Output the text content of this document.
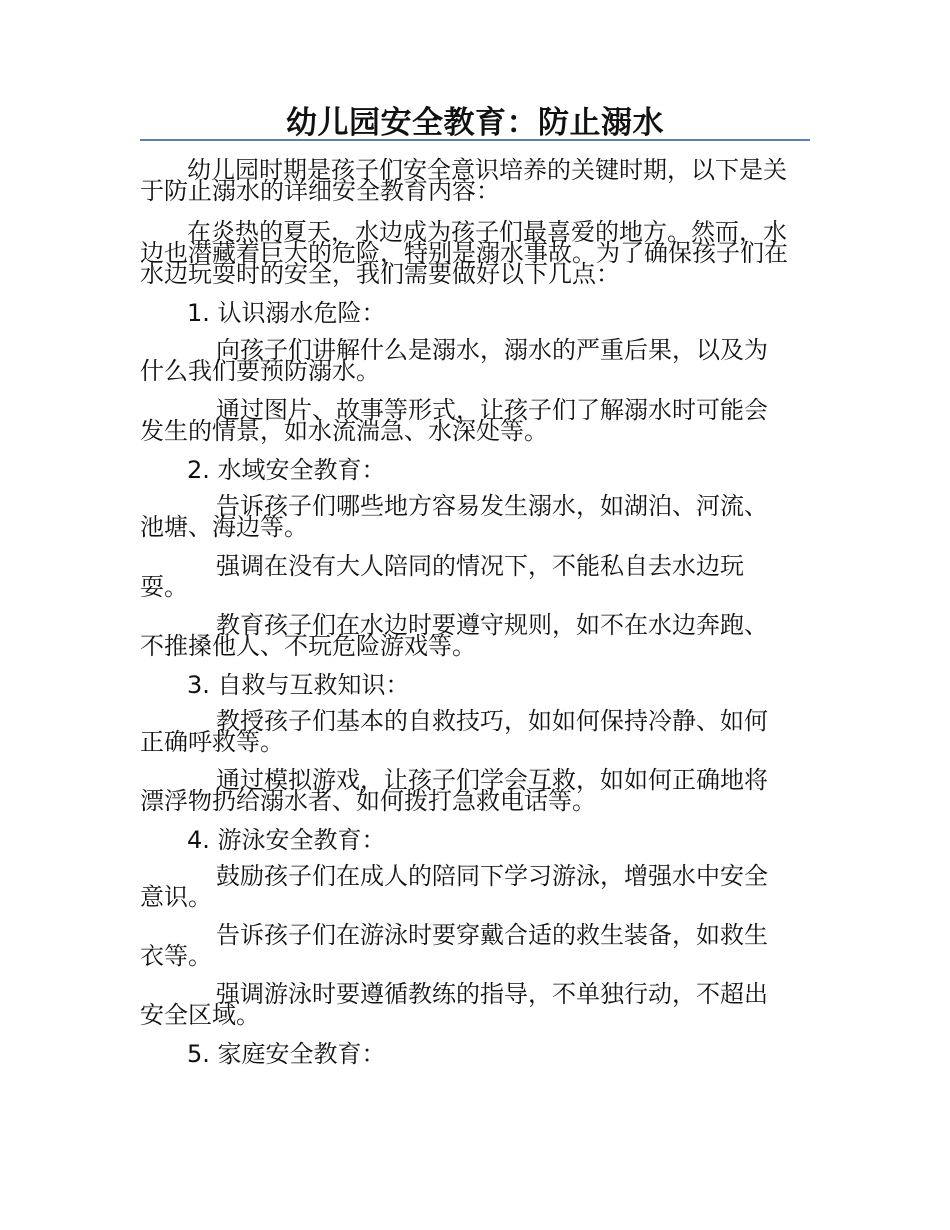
幼儿园安全教育：防止溺水
幼儿园时期是孩子们安全意识培养的关键时期，以下是关
于防止溺水的详细安全教育内容：
在炎热的夏天，水边成为孩子们最喜爱的地方。然而，水
边也潜藏着巨大的危险，特别是溺水事故。为了确保孩子们在
水边玩耍时的安全，我们需要做好以下几点：
1. 认识溺水危险：
向孩子们讲解什么是溺水，溺水的严重后果，以及为
什么我们要预防溺水。
通过图片、故事等形式，让孩子们了解溺水时可能会
发生的情景，如水流湍急、水深处等。
2. 水域安全教育：
告诉孩子们哪些地方容易发生溺水，如湖泊、河流、
池塘、海边等。
强调在没有大人陪同的情况下，不能私自去水边玩
耍。
教育孩子们在水边时要遵守规则，如不在水边奔跑、
不推搡他人、不玩危险游戏等。
3. 自救与互救知识：
教授孩子们基本的自救技巧，如如何保持冷静、如何
正确呼救等。
通过模拟游戏，让孩子们学会互救，如如何正确地将
漂浮物扔给溺水者、如何拨打急救电话等。
4. 游泳安全教育：
鼓励孩子们在成人的陪同下学习游泳，增强水中安全
意识。
告诉孩子们在游泳时要穿戴合适的救生装备，如救生
衣等。
强调游泳时要遵循教练的指导，不单独行动，不超出
安全区域。
5. 家庭安全教育：
